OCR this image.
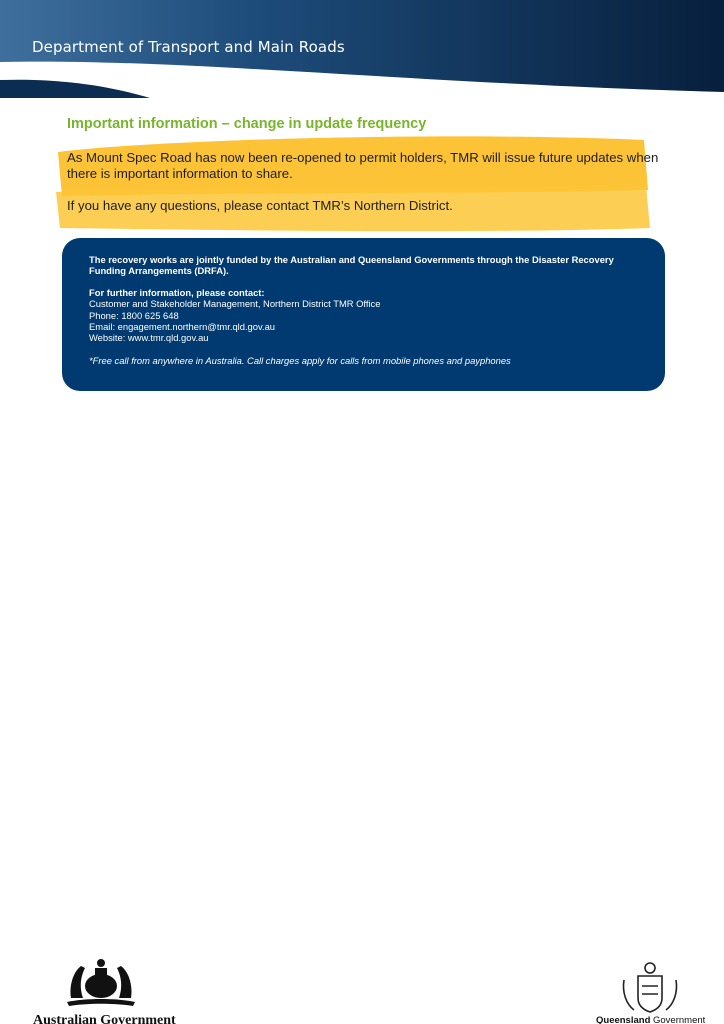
Department of Transport and Main Roads
Important information – change in update frequency

As Mount Spec Road has now been re-opened to permit holders, TMR will issue future updates when there is important information to share.

If you have any questions, please contact TMR’s Northern District.

The recovery works are jointly funded by the Australian and Queensland Governments through the Disaster Recovery Funding Arrangements (DRFA).
For further information, please contact:
Customer and Stakeholder Management, Northern District TMR Office
Phone: 1800 625 648
Email: engagement.northern@tmr.qld.gov.au
Website: www.tmr.qld.gov.au
*Free call from anywhere in Australia. Call charges apply for calls from mobile phones and payphones
Australian Government	Queensland Government
